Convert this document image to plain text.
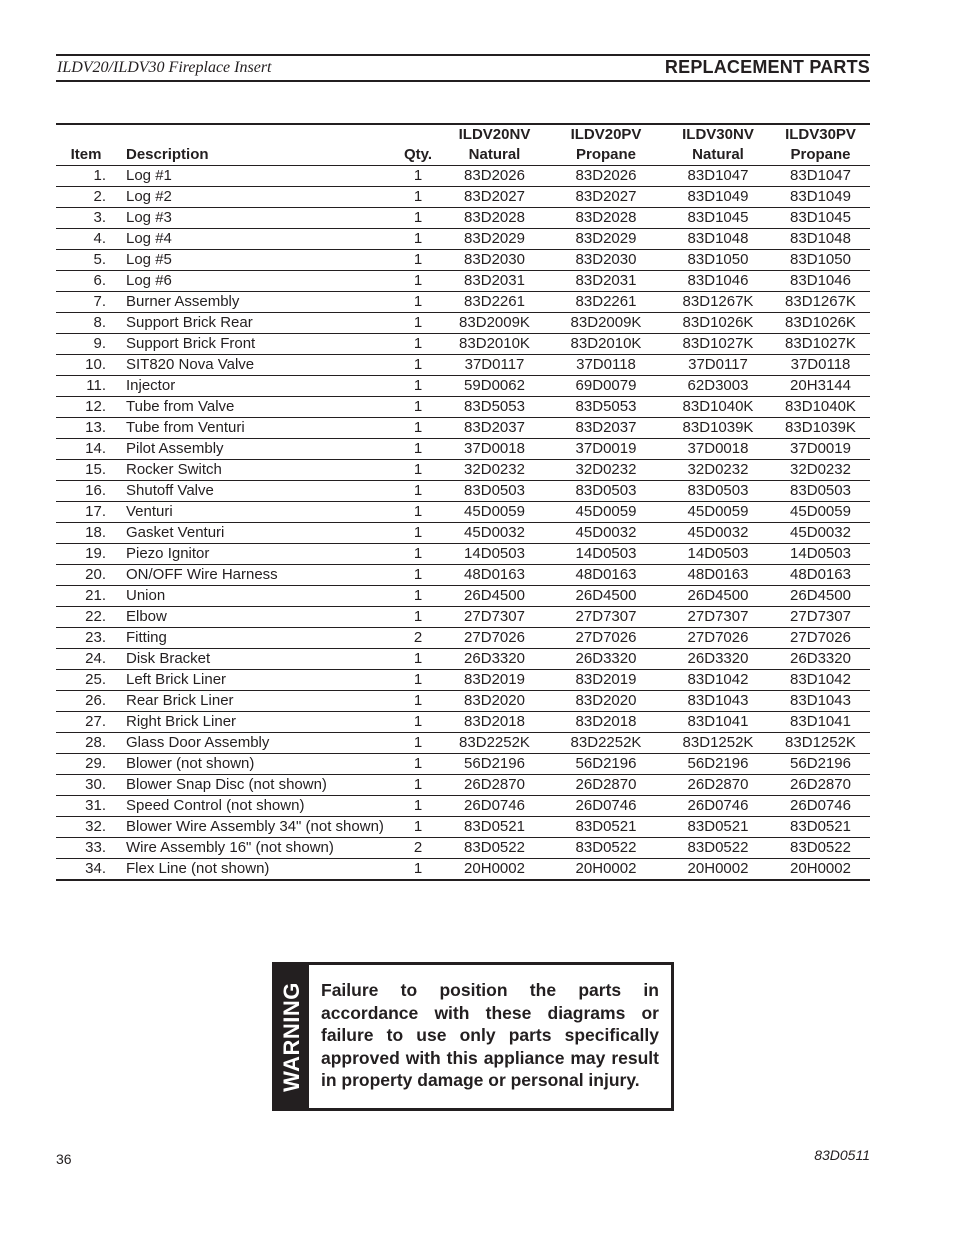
ILDV20/ILDV30 Fireplace Insert	REPLACEMENT PARTS
			ILDV20NV	ILDV20PV	ILDV30NV	ILDV30PV
Item	Description	Qty.	Natural	Propane	Natural	Propane
1.	Log #1	1	83D2026	83D2026	83D1047	83D1047
2.	Log #2	1	83D2027	83D2027	83D1049	83D1049
3.	Log #3	1	83D2028	83D2028	83D1045	83D1045
4.	Log #4	1	83D2029	83D2029	83D1048	83D1048
5.	Log #5	1	83D2030	83D2030	83D1050	83D1050
6.	Log #6	1	83D2031	83D2031	83D1046	83D1046
7.	Burner Assembly	1	83D2261	83D2261	83D1267K	83D1267K
8.	Support Brick Rear	1	83D2009K	83D2009K	83D1026K	83D1026K
9.	Support Brick Front	1	83D2010K	83D2010K	83D1027K	83D1027K
10.	SIT820 Nova Valve	1	37D0117	37D0118	37D0117	37D0118
11.	Injector	1	59D0062	69D0079	62D3003	20H3144
12.	Tube from Valve	1	83D5053	83D5053	83D1040K	83D1040K
13.	Tube from Venturi	1	83D2037	83D2037	83D1039K	83D1039K
14.	Pilot Assembly	1	37D0018	37D0019	37D0018	37D0019
15.	Rocker Switch	1	32D0232	32D0232	32D0232	32D0232
16.	Shutoff Valve	1	83D0503	83D0503	83D0503	83D0503
17.	Venturi	1	45D0059	45D0059	45D0059	45D0059
18.	Gasket Venturi	1	45D0032	45D0032	45D0032	45D0032
19.	Piezo Ignitor	1	14D0503	14D0503	14D0503	14D0503
20.	ON/OFF Wire Harness	1	48D0163	48D0163	48D0163	48D0163
21.	Union	1	26D4500	26D4500	26D4500	26D4500
22.	Elbow	1	27D7307	27D7307	27D7307	27D7307
23.	Fitting	2	27D7026	27D7026	27D7026	27D7026
24.	Disk Bracket	1	26D3320	26D3320	26D3320	26D3320
25.	Left Brick Liner	1	83D2019	83D2019	83D1042	83D1042
26.	Rear Brick Liner	1	83D2020	83D2020	83D1043	83D1043
27.	Right Brick Liner	1	83D2018	83D2018	83D1041	83D1041
28.	Glass Door Assembly	1	83D2252K	83D2252K	83D1252K	83D1252K
29.	Blower (not shown)	1	56D2196	56D2196	56D2196	56D2196
30.	Blower Snap Disc (not shown)	1	26D2870	26D2870	26D2870	26D2870
31.	Speed Control (not shown)	1	26D0746	26D0746	26D0746	26D0746
32.	Blower Wire Assembly 34" (not shown)	1	83D0521	83D0521	83D0521	83D0521
33.	Wire Assembly 16" (not shown)	2	83D0522	83D0522	83D0522	83D0522
34.	Flex Line (not shown)	1	20H0002	20H0002	20H0002	20H0002
WARNING Failure to position the parts in accordance with these diagrams or failure to use only parts specifically approved with this appliance may result in property damage or personal injury.
36	83D0511
